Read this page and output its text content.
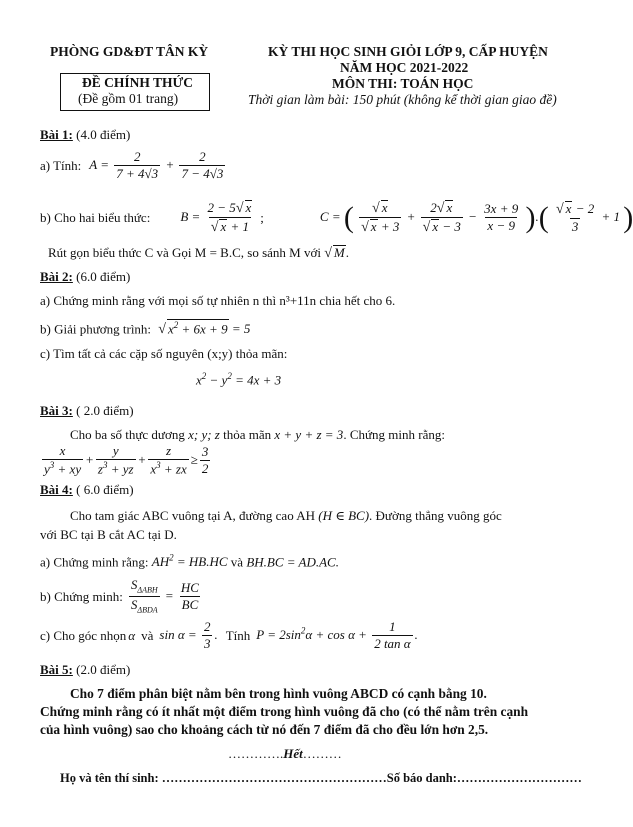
PHÒNG GD&ĐT TÂN KỲ
ĐỀ CHÍNH THỨC
(Đề gồm 01 trang)
KỲ THI HỌC SINH GIỎI LỚP 9, CẤP HUYỆN
NĂM HỌC 2021-2022
MÔN THI: TOÁN HỌC
Thời gian làm bài: 150 phút (không kể thời gian giao đề)
Bài 1: (4.0 điểm)
a) Tính: $A = \frac{2}{7 + 4√3} + \frac{2}{7 - 4√3}$
b) Cho hai biểu thức: $B = \frac{2 - 5√ x}{√ x + 1}$ ;	C = ( $\frac{√ x}{√ x + 3} + \frac{2√ x}{√ x - 3} - \frac{3x + 9}{x - 9}$ ).( $\frac{√ x - 2}{3} + 1$ )
Rút gọn biểu thức C và Gọi M = B.C, so sánh M với √ M.
Bài 2: (6.0 điểm)
a) Chứng minh rằng với mọi số tự nhiên n thì n³+11n chia hết cho 6.
b) Giải phương trình: √ $x^2 + 6x + 9 = 5$
c) Tìm tất cả các cặp số nguyên (x;y) thỏa mãn:
$x^2 - y^2 = 4x + 3$
Bài 3: ( 2.0 điểm)
Cho ba số thực dương x; y; z thỏa mãn x + y + z = 3. Chứng minh rằng:
$\frac{x}{y^3 + xy} + \frac{y}{z^3 + yz} + \frac{z}{x^3 + zx} \ge \frac{3}{2}$
Bài 4: ( 6.0 điểm)
Cho tam giác ABC vuông tại A, đường cao AH (H ∈ BC). Đường thẳng vuông góc
với BC tại B cắt AC tại D.
a) Chứng minh rằng: $AH^2 = HB.HC$ và BH.BC = AD.AC.
b) Chứng minh: $\frac{S_{\Delta ABH}}{S_{\Delta BDA}} = \frac{HC}{BC}$
c) Cho góc nhọn α và $\sin \alpha = \frac{2}{3}$ . Tính $P = 2\sin^2\alpha + \cos \alpha + \frac{1}{\text{2 tan α}}$ .
Bài 5: (2.0 điểm)
Cho 7 điểm phân biệt nằm bên trong hình vuông ABCD có cạnh bằng 10.
Chứng minh rằng có ít nhất một điểm trong hình vuông đã cho (có thể nằm trên cạnh
của hình vuông) sao cho khoảng cách từ nó đến 7 điểm đã cho đều lớn hơn 2,5.
………….Hết………
Họ và tên thí sinh: ………………………………………………Số báo danh:…………………………
